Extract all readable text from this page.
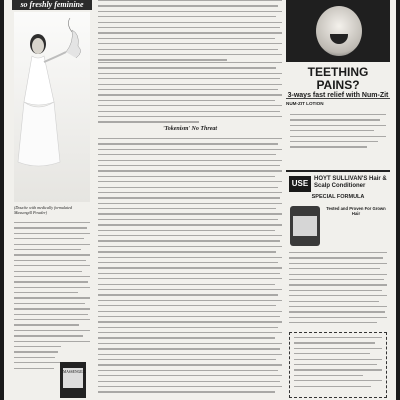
so freshly feminine
(Douche with medically formulated Massengill Powder)
MASSENGILL
'Tokenism' No Threat
TEETHING
PAINS?
3-ways fast relief with Num-Zit
NUM-ZIT LOTION
USE HOYT SULLIVAN'S Hair & Scalp Conditioner
SPECIAL FORMULA
Tested and Proven For Grown Hair
